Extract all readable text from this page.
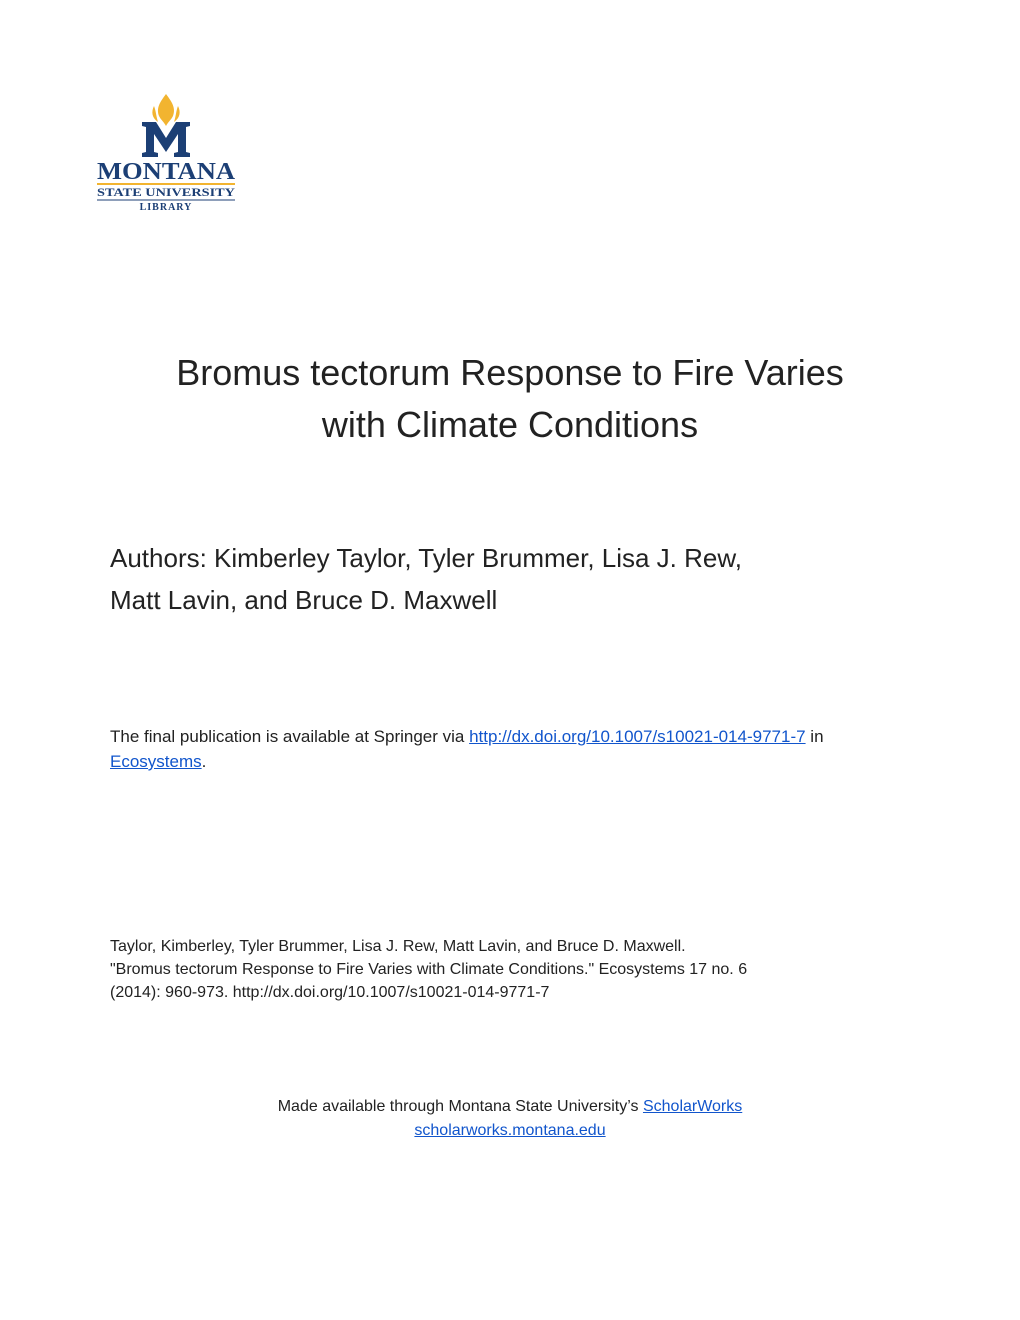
MONTANA
STATE UNIVERSITY
LIBRARY
Bromus tectorum Response to Fire Varies
with Climate Conditions

Authors: Kimberley Taylor, Tyler Brummer, Lisa J. Rew,
Matt Lavin, and Bruce D. Maxwell

The final publication is available at Springer via http://dx.doi.org/10.1007/s10021-014-9771-7 in
Ecosystems.

Taylor, Kimberley, Tyler Brummer, Lisa J. Rew, Matt Lavin, and Bruce D. Maxwell.
"Bromus tectorum Response to Fire Varies with Climate Conditions." Ecosystems 17 no. 6
(2014): 960-973. http://dx.doi.org/10.1007/s10021-014-9771-7

Made available through Montana State University’s ScholarWorks
scholarworks.montana.edu
